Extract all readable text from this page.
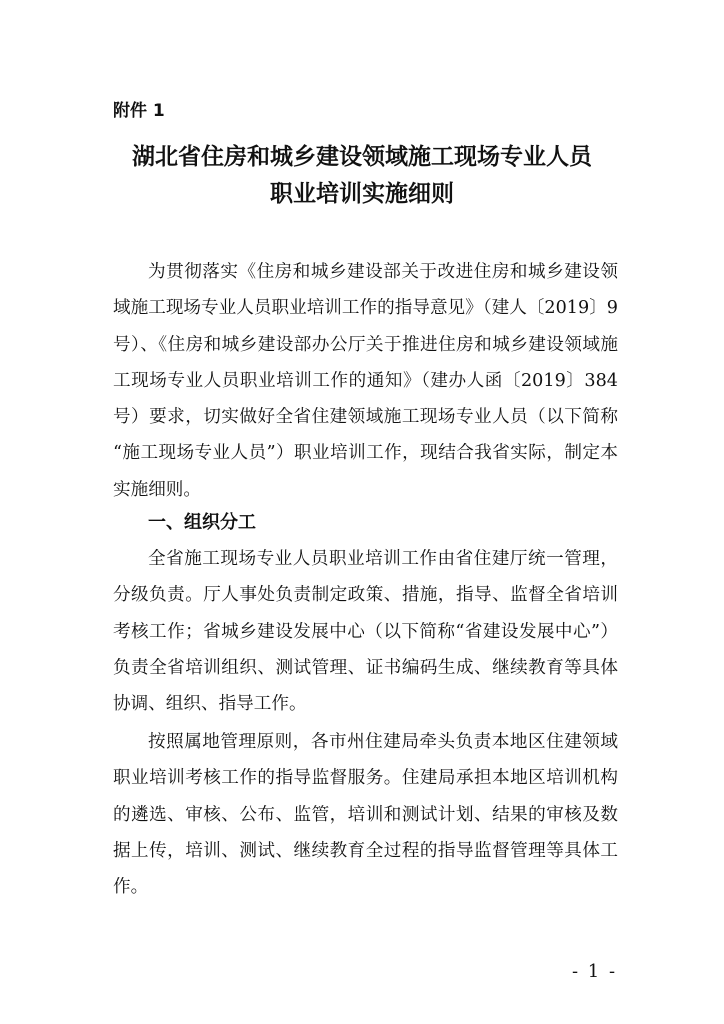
附件 1

湖北省住房和城乡建设领域施工现场专业人员
职业培训实施细则

为贯彻落实《住房和城乡建设部关于改进住房和城乡建设领域施工现场专业人员职业培训工作的指导意见》（建人〔2019〕9 号）、《住房和城乡建设部办公厅关于推进住房和城乡建设领域施工现场专业人员职业培训工作的通知》（建办人函〔2019〕384 号）要求，切实做好全省住建领域施工现场专业人员（以下简称 “施工现场专业人员”）职业培训工作，现结合我省实际，制定本实施细则。

一、组织分工

全省施工现场专业人员职业培训工作由省住建厅统一管理，分级负责。厅人事处负责制定政策、措施，指导、监督全省培训考核工作；省城乡建设发展中心（以下简称“省建设发展中心”）负责全省培训组织、测试管理、证书编码生成、继续教育等具体协调、组织、指导工作。

按照属地管理原则，各市州住建局牵头负责本地区住建领域职业培训考核工作的指导监督服务。住建局承担本地区培训机构的遴选、审核、公布、监管，培训和测试计划、结果的审核及数据上传，培训、测试、继续教育全过程的指导监督管理等具体工作。

- 1 -
